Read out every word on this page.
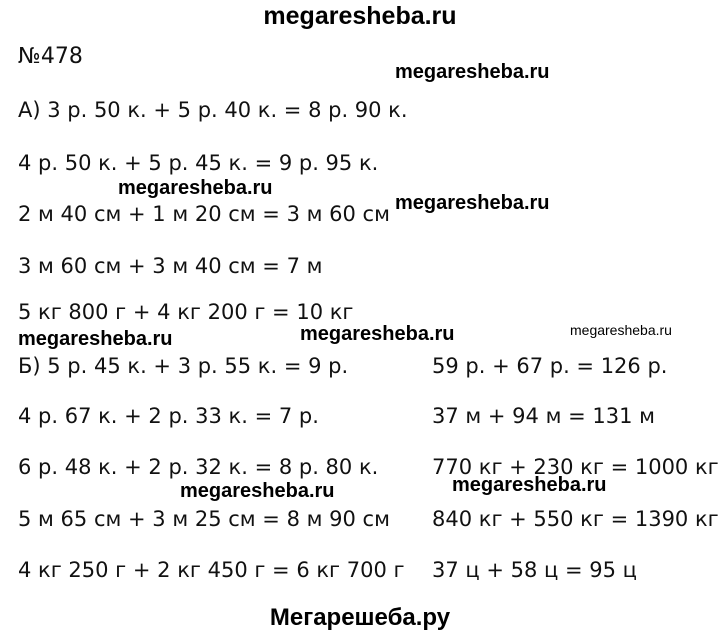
megaresheba.ru
№478
megaresheba.ru
А) 3 р. 50 к. + 5 р. 40 к. = 8 р. 90 к.
4 р. 50 к. + 5 р. 45 к. = 9 р. 95 к.
megaresheba.ru
2 м 40 см + 1 м 20 см = 3 м 60 см megaresheba.ru
3 м 60 см + 3 м 40 см = 7 м
5 кг 800 г + 4 кг 200 г = 10 кг
megaresheba.ru	megaresheba.ru	megaresheba.ru
Б) 5 р. 45 к. + 3 р. 55 к. = 9 р.
4 р. 67 к. + 2 р. 33 к. = 7 р.
6 р. 48 к. + 2 р. 32 к. = 8 р. 80 к.
megaresheba.ru
5 м 65 см + 3 м 25 см = 8 м 90 см
4 кг 250 г + 2 кг 450 г = 6 кг 700 г
59 р. + 67 р. = 126 р.
37 м + 94 м = 131 м
770 кг + 230 кг = 1000 кг
megaresheba.ru
840 кг + 550 кг = 1390 кг
37 ц + 58 ц = 95 ц
Мегарешеба.ру
